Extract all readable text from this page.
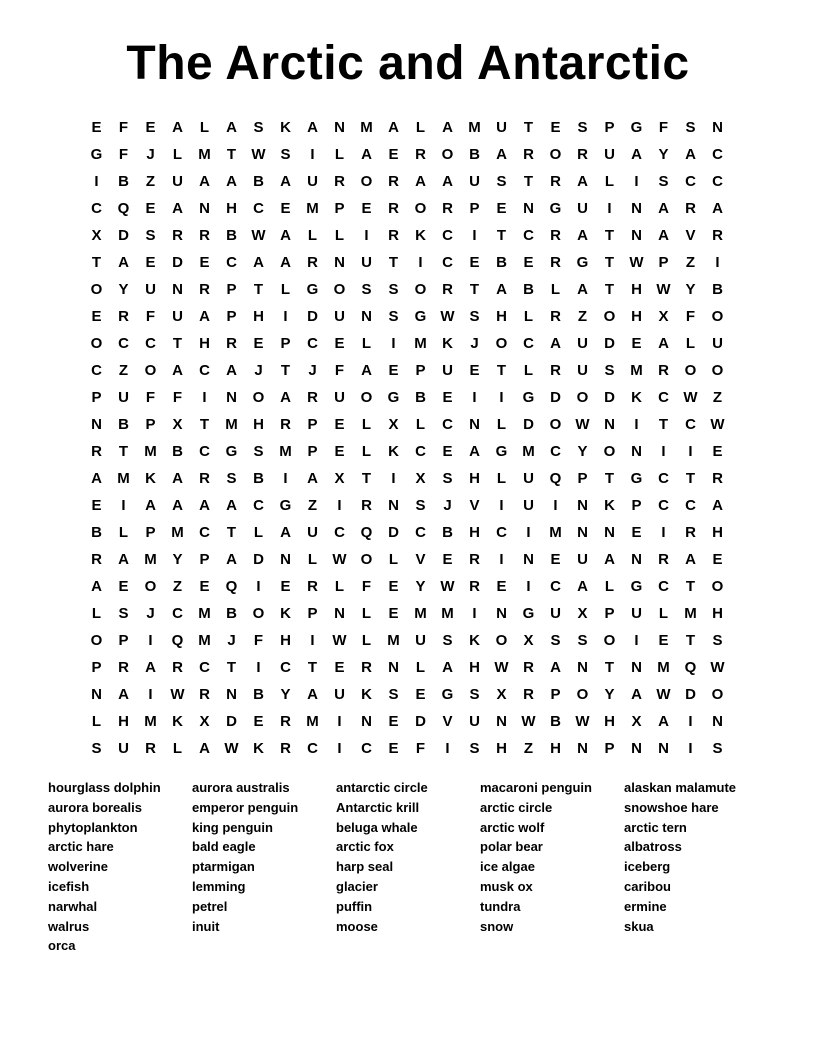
The Arctic and Antarctic
E	F	E	A	L	A	S	K	A	N	M	A	L	A	M	U	T	E	S	P	G	F	S	N
G	F	J	L	M	T	W S	I	L	A	E	R	O	B	A	R	O	R	U	A	Y	A	C
I	B	Z	U	A	A	B	A	U	R	O	R	A	A	U	S	T	R	A	L	I	S	C	C
C	Q	E	A	N	H	C	E	M	P	E	R	O	R	P	E	N	G	U	I	N	A	R	A
X	D	S	R	R	B W A	L	L	I	R	K	C	I	T	C	R	A	T	N	A	V	R
T	A	E	D	E	C	A	A	R	N	U	T	I	C	E	B	E	R	G	T	W P	Z	I
O	Y	U	N	R	P	T	L	G	O	S	S	O	R	T	A	B	L	A	T	H W Y	B
E	R	F	U	A	P	H	I	D	U	N	S	G W S	H	L	R	Z	O	H	X	F	O
O	C	C	T	H	R	E	P	C	E	L	I	M	K	J	O	C	A	U	D	E	A	L	U
C	Z	O	A	C	A	J	T	J	F	A	E	P	U	E	T	L	R	U	S	M	R	O	O
P	U	F	F	I	N	O	A	R	U	O	G	B	E	I	I	G	D	O	D	K	C W	Z
N	B	P	X	T	M	H	R	P	E	L	X	L	C	N	L	D	O W N	I	T	C W
R	T	M	B	C	G	S	M	P	E	L	K	C	E	A	G M	C	Y	O	N	I	I	E
A	M	K	A	R	S	B	I	A	X	T	I	X	S	H	L	U	Q	P	T	G	C	T	R
E	I	A	A	A	A	C	G	Z	I	R	N	S	J	V	I	U	I	N	K	P	C	C	A
B	L	P	M	C	T	L	A	U	C	Q	D	C	B	H	C	I	M	N	N	E	I	R	H
R	A	M	Y	P	A	D	N	L	W O	L	V	E	R	I	N	E	U	A	N	R	A	E
A	E	O	Z	E	Q	I	E	R	L	F	E	Y W R	E	I	C	A	L	G	C	T	O
L	S	J	C	M	B	O	K	P	N	L	E	M M	I	N	G	U	X	P	U	L	M	H
O	P	I	Q M	J	F	H	I	W	L	M	U	S	K	O	X	S	S	O	I	E	T	S
P	R	A	R	C	T	I	C	T	E	R	N	L	A	H W R	A	N	T	N	M Q W
N	A	I	W R	N	B	Y	A	U	K	S	E	G	S	X	R	P	O	Y	A W D	O
L	H	M	K	X	D	E	R	M	I	N	E	D	V	U	N W B W H	X	A	I	N
S	U	R	L	A W K	R	C	I	C	E	F	I	S	H	Z	H	N	P	N	N	I	S
hourglass dolphin
aurora borealis
phytoplankton
arctic hare
wolverine
icefish
narwhal
walrus
orca
aurora australis
emperor penguin
king penguin
bald eagle
ptarmigan
lemming
petrel
inuit
antarctic circle
Antarctic krill
beluga whale
arctic fox
harp seal
glacier
puffin
moose
macaroni penguin
arctic circle
arctic wolf
polar bear
ice algae
musk ox
tundra
snow
alaskan malamute
snowshoe hare
arctic tern
albatross
iceberg
caribou
ermine
skua
